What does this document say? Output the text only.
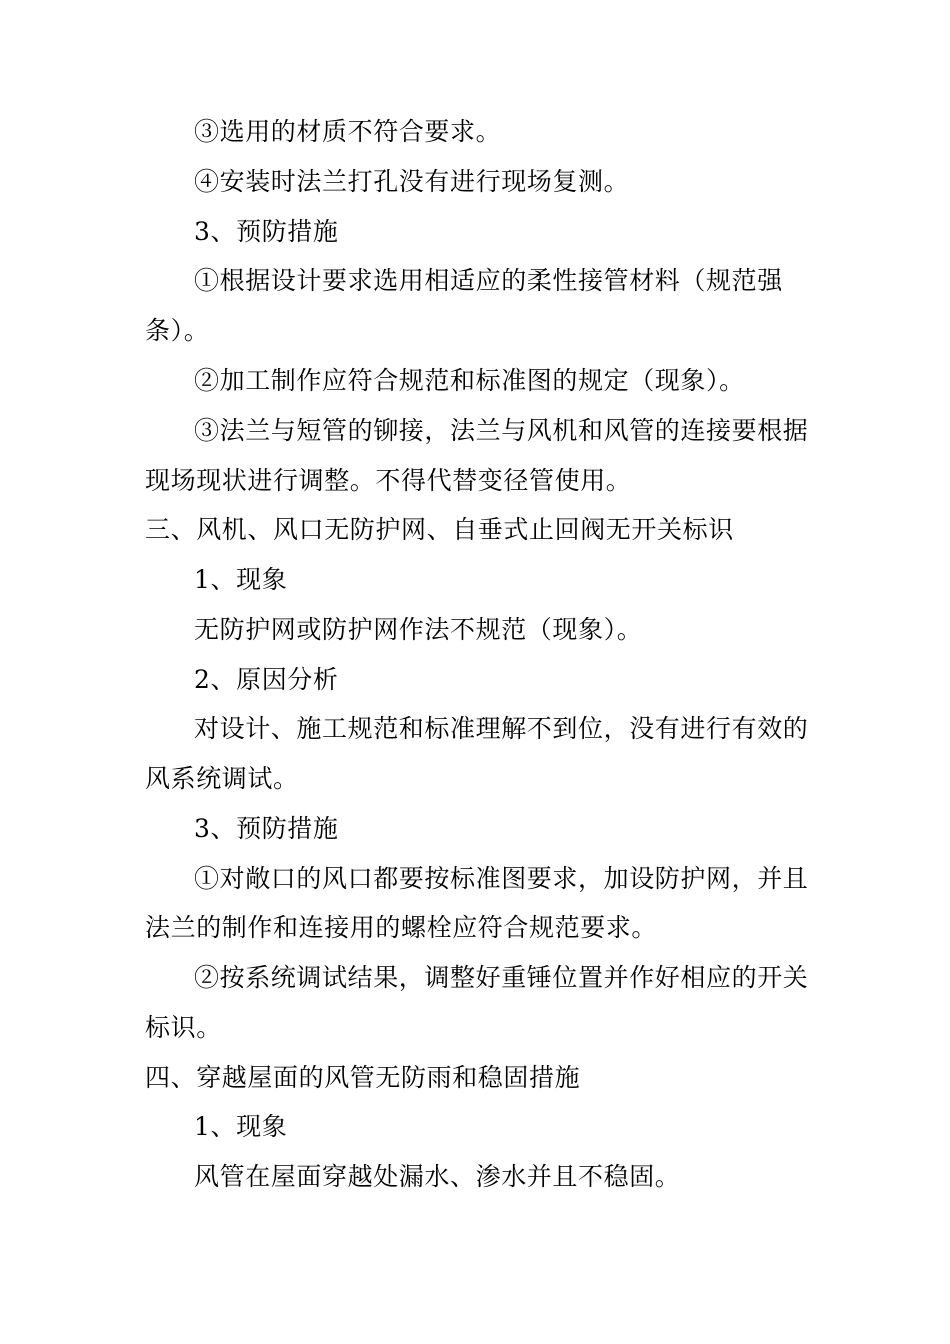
③选用的材质不符合要求。
④安装时法兰打孔没有进行现场复测。
3、预防措施
①根据设计要求选用相适应的柔性接管材料（规范强
条）。
②加工制作应符合规范和标准图的规定（现象）。
③法兰与短管的铆接，法兰与风机和风管的连接要根据
现场现状进行调整。不得代替变径管使用。
三、风机、风口无防护网、自垂式止回阀无开关标识
1、现象
无防护网或防护网作法不规范（现象）。
2、原因分析
对设计、施工规范和标准理解不到位，没有进行有效的
风系统调试。
3、预防措施
①对敞口的风口都要按标准图要求，加设防护网，并且
法兰的制作和连接用的螺栓应符合规范要求。
②按系统调试结果，调整好重锤位置并作好相应的开关
标识。
四、穿越屋面的风管无防雨和稳固措施
1、现象
风管在屋面穿越处漏水、渗水并且不稳固。
